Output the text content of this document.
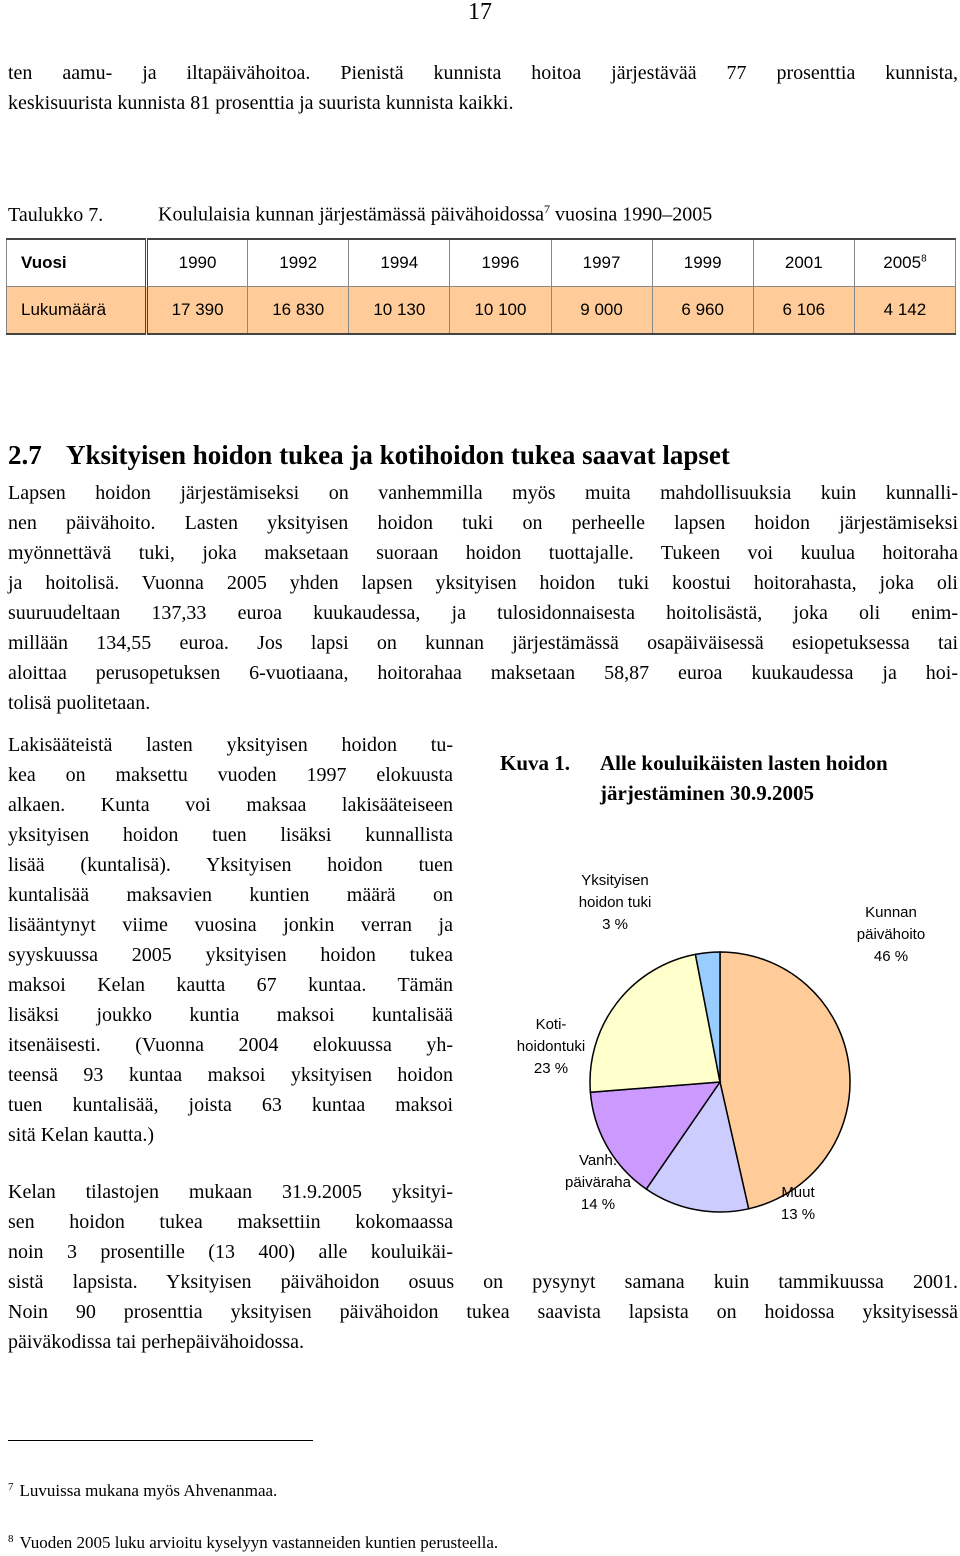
17
ten aamu- ja iltapäivähoitoa. Pienistä kunnista hoitoa järjestävää 77 prosenttia kunnista,
keskisuurista kunnista 81 prosenttia ja suurista kunnista kaikki.
Taulukko 7.	Koululaisia kunnan järjestämässä päivähoidossa$^7$ vuosina 1990–2005
Vuosi	1990	1992	1994	1996	1997	1999	2001	2005$^8$
Lukumäärä	17 390	16 830	10 130	10 100	9 000	6 960	6 106	4 142
2.7 Yksityisen hoidon tukea ja kotihoidon tukea saavat lapset
Lapsen hoidon järjestämiseksi on vanhemmilla myös muita mahdollisuuksia kuin kunnalli-
nen päivähoito. Lasten yksityisen hoidon tuki on perheelle lapsen hoidon järjestämiseksi
myönnettävä tuki, joka maksetaan suoraan hoidon tuottajalle. Tukeen voi kuulua hoitoraha
ja hoitolisä. Vuonna 2005 yhden lapsen yksityisen hoidon tuki koostui hoitorahasta, joka oli
suuruudeltaan 137,33 euroa kuukaudessa, ja tulosidonnaisesta hoitolisästä, joka oli enim-
millään 134,55 euroa. Jos lapsi on kunnan järjestämässä osapäiväisessä esiopetuksessa tai
aloittaa perusopetuksen 6-vuotiaana, hoitorahaa maksetaan 58,87 euroa kuukaudessa ja hoi-
tolisä puolitetaan.
Lakisääteistä lasten yksityisen hoidon tu-
kea on maksettu vuoden 1997 elokuusta
alkaen. Kunta voi maksaa lakisääteiseen
yksityisen hoidon tuen lisäksi kunnallista
lisää (kuntalisä). Yksityisen hoidon tuen
kuntalisää maksavien kuntien määrä on
lisääntynyt viime vuosina jonkin verran ja
syyskuussa 2005 yksityisen hoidon tukea
maksoi Kelan kautta 67 kuntaa. Tämän
lisäksi joukko kuntia maksoi kuntalisää
itsenäisesti. (Vuonna 2004 elokuussa yh-
teensä 93 kuntaa maksoi yksityisen hoidon
tuen kuntalisää, joista 63 kuntaa maksoi
sitä Kelan kautta.)
Kuva 1. Alle kouluikäisten lasten hoidon
järjestäminen 30.9.2005
Kunnan päivähoito 46 %
Muut 13 %
Vanh. päiväraha 14 %
Koti-hoidontuki 23 %
Yksityisen hoidon tuki 3 %
Kelan tilastojen mukaan 31.9.2005 yksityi-
sen hoidon tukea maksettiin kokomaassa
noin 3 prosentille (13 400) alle kouluikäi-
sistä lapsista. Yksityisen päivähoidon osuus on pysynyt samana kuin tammikuussa 2001.
Noin 90 prosenttia yksityisen päivähoidon tukea saavista lapsista on hoidossa yksityisessä
päiväkodissa tai perhepäivähoidossa.
$^7$ Luvuissa mukana myös Ahvenanmaa.
$^8$ Vuoden 2005 luku arvioitu kyselyyn vastanneiden kuntien perusteella.
